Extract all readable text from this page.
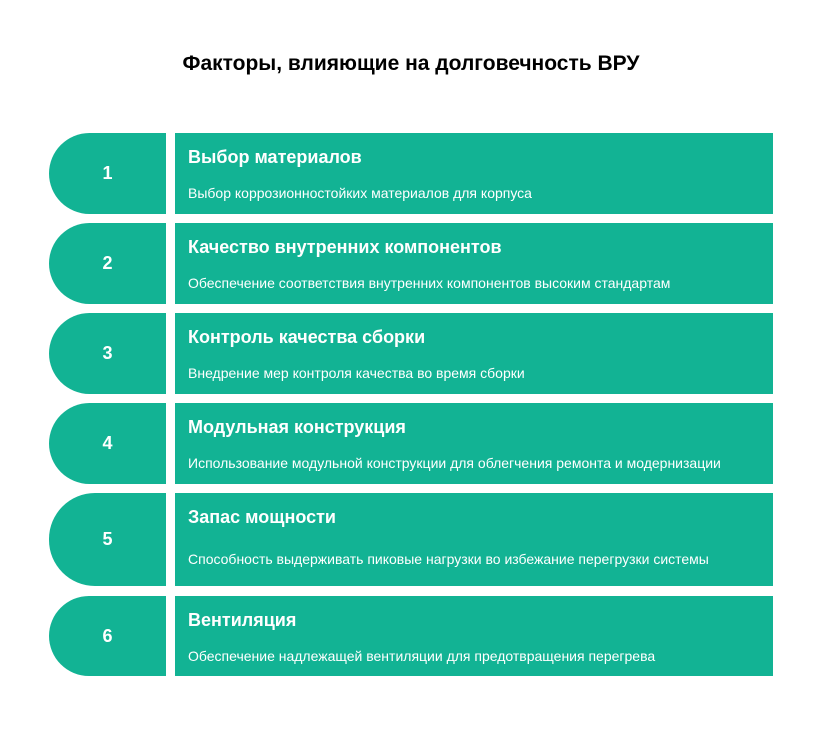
Факторы, влияющие на долговечность ВРУ
1
Выбор материалов
Выбор коррозионностойких материалов для корпуса
2
Качество внутренних компонентов
Обеспечение соответствия внутренних компонентов высоким стандартам
3
Контроль качества сборки
Внедрение мер контроля качества во время сборки
4
Модульная конструкция
Использование модульной конструкции для облегчения ремонта и модернизации
5
Запас мощности
Способность выдерживать пиковые нагрузки во избежание перегрузки системы
6
Вентиляция
Обеспечение надлежащей вентиляции для предотвращения перегрева
